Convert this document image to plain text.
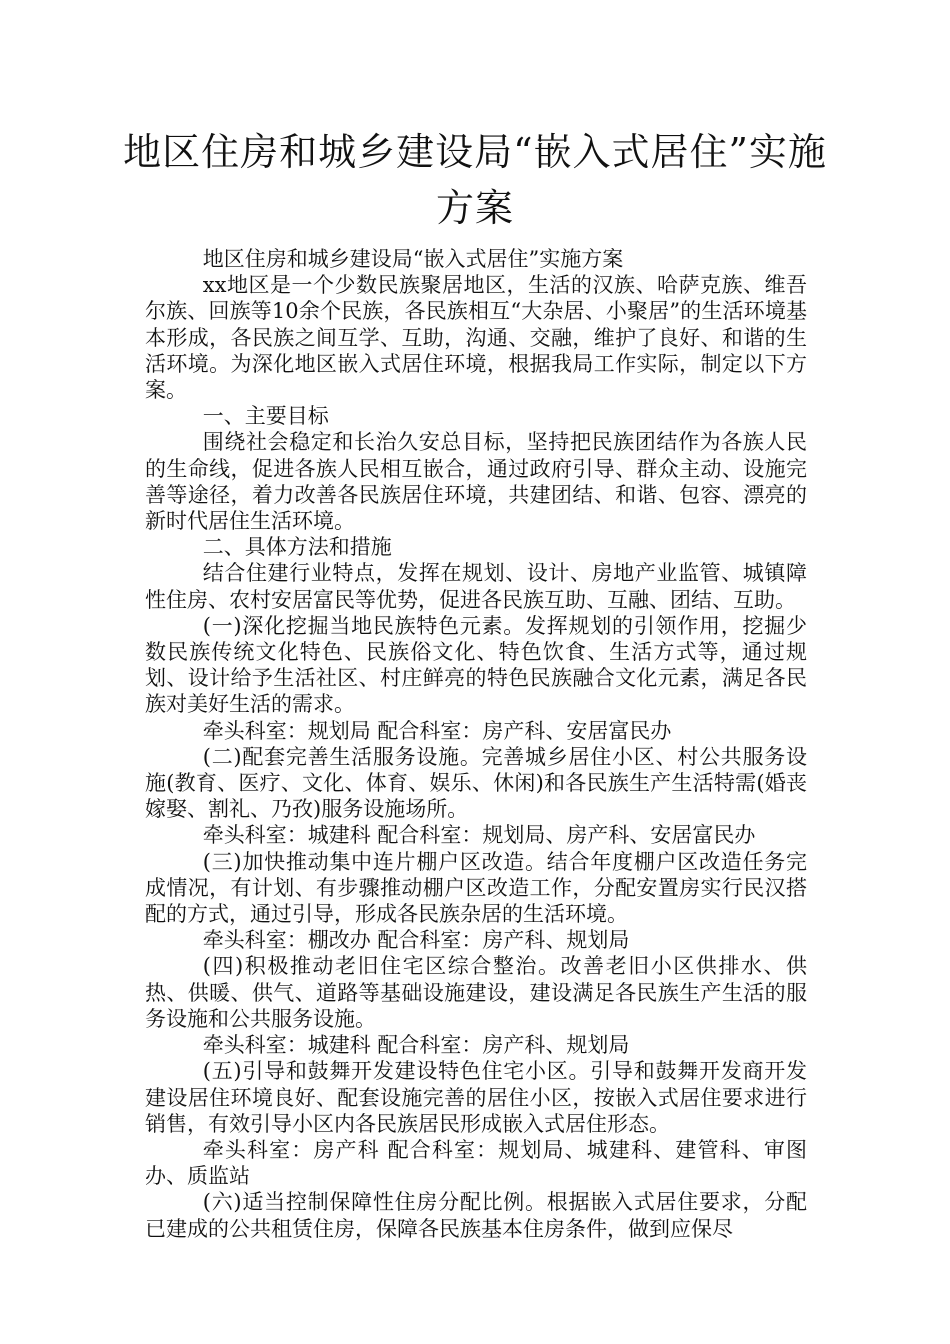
地区住房和城乡建设局“嵌入式居住”实施方案

地区住房和城乡建设局“嵌入式居住”实施方案

xx地区是一个少数民族聚居地区，生活的汉族、哈萨克族、维吾尔族、回族等10余个民族，各民族相互“大杂居、小聚居”的生活环境基本形成，各民族之间互学、互助，沟通、交融，维护了良好、和谐的生活环境。为深化地区嵌入式居住环境，根据我局工作实际，制定以下方案。

一、主要目标

围绕社会稳定和长治久安总目标，坚持把民族团结作为各族人民的生命线，促进各族人民相互嵌合，通过政府引导、群众主动、设施完善等途径，着力改善各民族居住环境，共建团结、和谐、包容、漂亮的新时代居住生活环境。

二、具体方法和措施

结合住建行业特点，发挥在规划、设计、房地产业监管、城镇障性住房、农村安居富民等优势，促进各民族互助、互融、团结、互助。

(一)深化挖掘当地民族特色元素。发挥规划的引领作用，挖掘少数民族传统文化特色、民族俗文化、特色饮食、生活方式等，通过规划、设计给予生活社区、村庄鲜亮的特色民族融合文化元素，满足各民族对美好生活的需求。

牵头科室：规划局 配合科室：房产科、安居富民办

(二)配套完善生活服务设施。完善城乡居住小区、村公共服务设施(教育、医疗、文化、体育、娱乐、休闲)和各民族生产生活特需(婚丧嫁娶、割礼、乃孜)服务设施场所。

牵头科室：城建科 配合科室：规划局、房产科、安居富民办

(三)加快推动集中连片棚户区改造。结合年度棚户区改造任务完成情况，有计划、有步骤推动棚户区改造工作，分配安置房实行民汉搭配的方式，通过引导，形成各民族杂居的生活环境。

牵头科室：棚改办 配合科室：房产科、规划局

(四)积极推动老旧住宅区综合整治。改善老旧小区供排水、供热、供暖、供气、道路等基础设施建设，建设满足各民族生产生活的服务设施和公共服务设施。

牵头科室：城建科 配合科室：房产科、规划局

(五)引导和鼓舞开发建设特色住宅小区。引导和鼓舞开发商开发建设居住环境良好、配套设施完善的居住小区，按嵌入式居住要求进行销售，有效引导小区内各民族居民形成嵌入式居住形态。

牵头科室：房产科 配合科室：规划局、城建科、建管科、审图办、质监站

(六)适当控制保障性住房分配比例。根据嵌入式居住要求，分配已建成的公共租赁住房，保障各民族基本住房条件，做到应保尽
